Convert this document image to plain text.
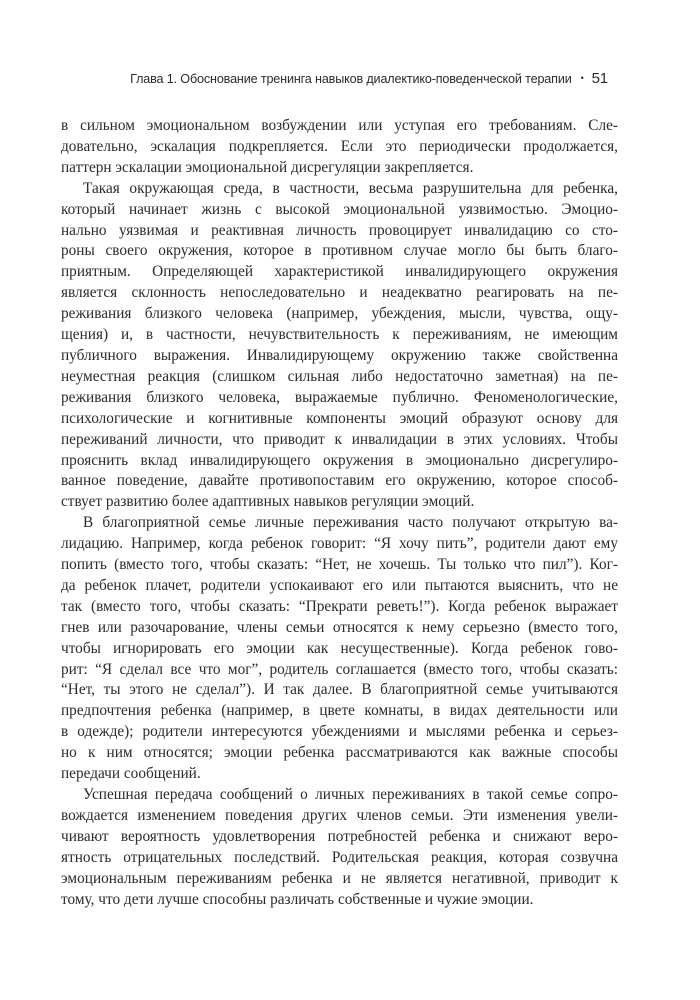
Глава 1. Обоснование тренинга навыков диалектико-поведенческой терапии • 51
в сильном эмоциональном возбуждении или уступая его требованиям. Сле-
довательно, эскалация подкрепляется. Если это периодически продолжается,
паттерн эскалации эмоциональной дисрегуляции закрепляется.
Такая окружающая среда, в частности, весьма разрушительна для ребенка,
который начинает жизнь с высокой эмоциональной уязвимостью. Эмоцио-
нально уязвимая и реактивная личность провоцирует инвалидацию со сто-
роны своего окружения, которое в противном случае могло бы быть благо-
приятным. Определяющей характеристикой инвалидирующего окружения
является склонность непоследовательно и неадекватно реагировать на пе-
реживания близкого человека (например, убеждения, мысли, чувства, ощу-
щения) и, в частности, нечувствительность к переживаниям, не имеющим
публичного выражения. Инвалидирующему окружению также свойственна
неуместная реакция (слишком сильная либо недостаточно заметная) на пе-
реживания близкого человека, выражаемые публично. Феноменологические,
психологические и когнитивные компоненты эмоций образуют основу для
переживаний личности, что приводит к инвалидации в этих условиях. Чтобы
прояснить вклад инвалидирующего окружения в эмоционально дисрегулиро-
ванное поведение, давайте противопоставим его окружению, которое способ-
ствует развитию более адаптивных навыков регуляции эмоций.
В благоприятной семье личные переживания часто получают открытую ва-
лидацию. Например, когда ребенок говорит: “Я хочу пить”, родители дают ему
попить (вместо того, чтобы сказать: “Нет, не хочешь. Ты только что пил”). Ког-
да ребенок плачет, родители успокаивают его или пытаются выяснить, что не
так (вместо того, чтобы сказать: “Прекрати реветь!”). Когда ребенок выражает
гнев или разочарование, члены семьи относятся к нему серьезно (вместо того,
чтобы игнорировать его эмоции как несущественные). Когда ребенок гово-
рит: “Я сделал все что мог”, родитель соглашается (вместо того, чтобы сказать:
“Нет, ты этого не сделал”). И так далее. В благоприятной семье учитываются
предпочтения ребенка (например, в цвете комнаты, в видах деятельности или
в одежде); родители интересуются убеждениями и мыслями ребенка и серьез-
но к ним относятся; эмоции ребенка рассматриваются как важные способы
передачи сообщений.
Успешная передача сообщений о личных переживаниях в такой семье сопро-
вождается изменением поведения других членов семьи. Эти изменения увели-
чивают вероятность удовлетворения потребностей ребенка и снижают веро-
ятность отрицательных последствий. Родительская реакция, которая созвучна
эмоциональным переживаниям ребенка и не является негативной, приводит к
тому, что дети лучше способны различать собственные и чужие эмоции.
